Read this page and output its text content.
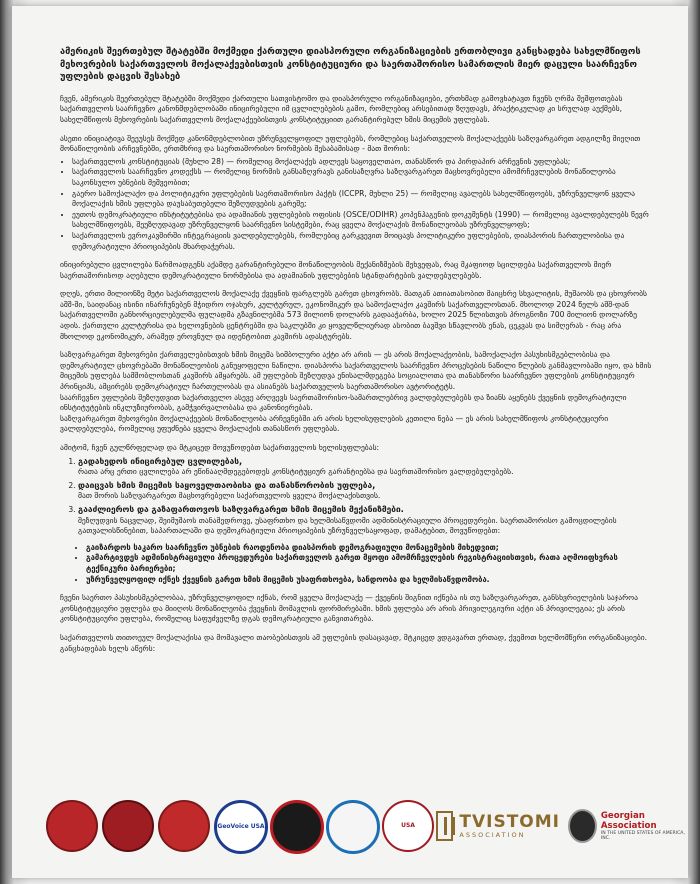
ამერიკის შეერთებულ შტატებში მოქმედი ქართული დიასპორული ორგანიზაციების ერთობლივი განცხადება სახელმწიფოს მეხოვრების საქართველოს მოქალაქეებისთვის კონსტიტუციური და საერთაშორისო სამართლის მიერ დაცული საარჩევნო უფლების დაცვის შესახებ

ჩვენ, ამერიკის შეერთებულ შტატებში მოქმედი ქართული სათვისტომო და დიასპორული ორგანიზაციები, ერთხმად გამოვხატავთ ჩვენს ღრმა შეშფოთებას საქართველოს საარჩევნო კანონმდებლობაში ინიცირებული იმ ცვლილებების გამო, რომლებიც არსებითად ზღუდავს, პრაქტიკულად კი სრულად აუქმებს, სახელმწიფოს მეხოვრების საქართველოს მოქალაქეებისთვის კონსტიტუციით გარანტირებულ ხმის მიცემის უფლებას.

ასეთი ინიციატივა შეეუსეს მოქმედ კანონმდებლობით უზრუნველყოფილ უფლებებს, რომლებიც საქართველოს მოქალაქეებს საზღვარგარეთ ადგილზე მიეღით მონაწილეობის არჩევნებში, ერთმხრივ და საერთაშორისო ნორმების შესაბამისად - მათ შორის:

• საქართველოს კონსტიტუციას (მუხლი 28) — რომელიც მოქალაქეს ადლევს საყოველთაო, თანასწორ და პირდაპირ არჩევნის უფლებას;
• საქართველოს საარჩევნო კოდექსს — რომელიც ნორმის განსაზღვრავს განისაზღვრა საზღვარგარეთ მაცხოვრებელი ამომრჩევლების მონაწილეობა საკონსულო უბნების მეშვეობით;
• გაერო სამოქალაქო და პოლიტიკური უფლებების საერთაშორისო პაქტს (ICCPR, მუხლი 25) — რომელიც ავალებს სახელმწიფოებს, უზრუნველყონ ყველა მოქალაქის ხმის უფლება დაუსაბუთებელი შეზღუდვების გარეშე;
• ეუთოს დემოკრატიული ინსტიტუტებისა და ადამიანის უფლებების ოფისის (OSCE/ODIHR) კოპენჰაგენის დოკუმენტს (1990) — რომელიც ავალდებულებს წევრ სახელმწიფოებს, შეუზღუდავად უზრუნველყონ საარჩევნო სისტემები, რაც ყველა მოქალაქის მონაწილეობას უზრუნველყოფს;
• საქართველოს ევროკავშირში ინტეგრაციის ვალდებულებებს, რომლებიც გარკვევით მოიცავს პოლიტიკური უფლებების, დიასპორის ჩართულობისა და დემოკრატიული პრიოციპების მხარდაჭერას.

ინიცირებული ცვლილება წარმოადგენს აქამდე გარანტირებული მონაწილეობის მექანიზმების მეხვეფას, რაც მკაფიოდ სცილდება საქართველოს მიერ საერთაშორისოდ აღებული დემოკრატიული ნორმებისა და ადამიანის უფლებების სტანდარტების ვალდებულებებს.

დღეს, ერთი მილიონზე მეტი საქართველოს მოქალაქე ქვეყნის ფარგლებს გარეთ ცხოვრობს. მათგან ათიათასობით მაიცხრე სხვალიტის, მუშაობს და ცხოვრობს აშშ-ში, საიდანაც ისინი ინარჩუნებენ მჭიდრო ოჯახურ, კულტურულ, ეკონომიკურ და სამოქალაქო კავშირს საქართველოსთან. მხოლოდ 2024 წელს აშშ-დან საქართველოში განხორციელებულმა ფულადმა გზავნილებმა 573 მილიონ დოლარს გადააჭარბა, ხოლო 2025 წლისთვის პროგნოზი 700 მილიონ დოლარზე ადის. ქართული კულტურისა და ხელოვნების ცენტრებში და საკლუბში კი ყოველწლიურად ასობით ბავშვი სწავლობს ენას, ცეკვას და სიმღერას - რაც არა მხოლოდ ეკონომიკურ, არამედ ეროვნულ და იდენტობით კავშირს ადასტურებს.

საზღვარგარეთ მეხოვრები ქართველებისთვის ხმის მიცემა სიმბოლური აქტი არ არის — ეს არის მოქალაქეობის, სამოქალაქო პასუხისმგებლობისა და დემოკრატიულ ცხოვრებაში მონაწილეობის განუყოფელი ნაწილი. დიასპორა საქართველოს საარჩევნო პროცესების ნაწილი წლების განმავლობაში იყო, და ხმის მიცემის უფლება სამშობლოსთან კავშირს ამყარებს. ამ უფლების შეზღუდვა ენისალმდეგება სოციალოთა და თანასწორი საარჩევნო უფლების კონსტიტუციურ პრინციპს, ამცირებს დემოკრატიულ ჩართულობას და ასიანებს საქართველოს საერთაშორისო ავტორიტეტს.
საარჩევნო უფლების შეზღუდვით საქართველო ასევე არღვევს საერთაშორისო-სამართლებრივ ვალდებულებებს და ზიანს აყენებს ქვეყნის დემოკრატიული ინსტიტუტების ინკლუზიურობას, გამჭვირვალობასა და კანონიერებას.
საზღვარგარეთ მეხოვრები მოქალაქეების მონაწილეობა არჩევნებში არ არის ხელისუფლების კეთილი ნება — ეს არის სახელმწიფოს კონსტიტუციური ვალდებულება, რომელიც უფუძნება ყველა მოქალაქის თანასწორ უფლებას.

ამიტომ, ჩვენ გულწრფელად და მტკიცედ მოვუწოდებთ საქართველოს ხელისუფლებას:

1. გადახედოს ინიცირებულ ცვლილებას,
რათა არც ერთი ცვლილება არ ეწინააღმდეგებოდეს კონსტიტუციურ გარანტიებსა და საერთაშორისო ვალდებულებებს.
2. დაიცვას ხმის მიცემის საყოველთაობისა და თანასწორობის უფლება,
მათ შორის საზღვარგარეთ მაცხოვრებელი საქართველოს ყველა მოქალაქისთვის.
3. გააძლიეროს და გაზაფართოვოს საზღვარგარეთ ხმის მიცემის მექანიზმები.
შეზღუდვის ნაცვლად, შეიმუშაოს თანამედროვე, უსაფრთხო და ხელმისაწვდომი ადმინისტრაციული პროცედურები. საერთაშორისო გამოცდილების გათვალისწინებით, საპართალაში და დემოკრატიული პრიოციპების უზრუნველსაყოფად, დამატებით, მოვუწოდებთ:
• გაიზარდოს საკარო საარჩევნო უბნების რაოდენობა დიასპორის დემოგრაფიული მონაცემების მიხედვით;
• გამარტივდეს ადმინისტრაციული პროცედურები საქართველოს გარეთ მყოფი ამომრჩევლების რეგისტრაციისთვის, რათა აღმოიფხვრას ტექნიკური ბარიერები;
• უზრუნველყოფილ იქნეს ქვეყნის გარეთ ხმის მიცემის უსაფრთხოება, სანდოობა და ხელმისაწვდომობა.

ჩვენი საერთო პასუხისმგებლობაა, უზრუნველყოფილ იქნას, რომ ყველა მოქალაქე — ქვეყნის შიგნით იქნება ის თუ საზღვარგარეთ, განსხვრიელების საჯაროა კონსტიტუციური უფლება და მიიღოს მონაწილეობა ქვეყნის მომავლის ფორმირებაში. ხმის უფლება არ არის პრივილეგიური აქტი ან პრივილეგია; ეს არის კონსტიტუციური უფლება, რომელიც საფუძველზე დგას დემოკრატიული განვითარება.

საქართველოს თითოეულ მოქალაქისა და მომავალი თაობებისთვის ამ უფლების დასაცავად, მტკიცედ ვდგავართ ერთად, ქვემოთ ხელმომწერი ორგანიზაციები. განცხადებას ხელს აწერს:

GeoVoice USA	USA	TVISTOMI
ASSOCIATION
Georgian Association
IN THE UNITED STATES OF AMERICA, INC.
